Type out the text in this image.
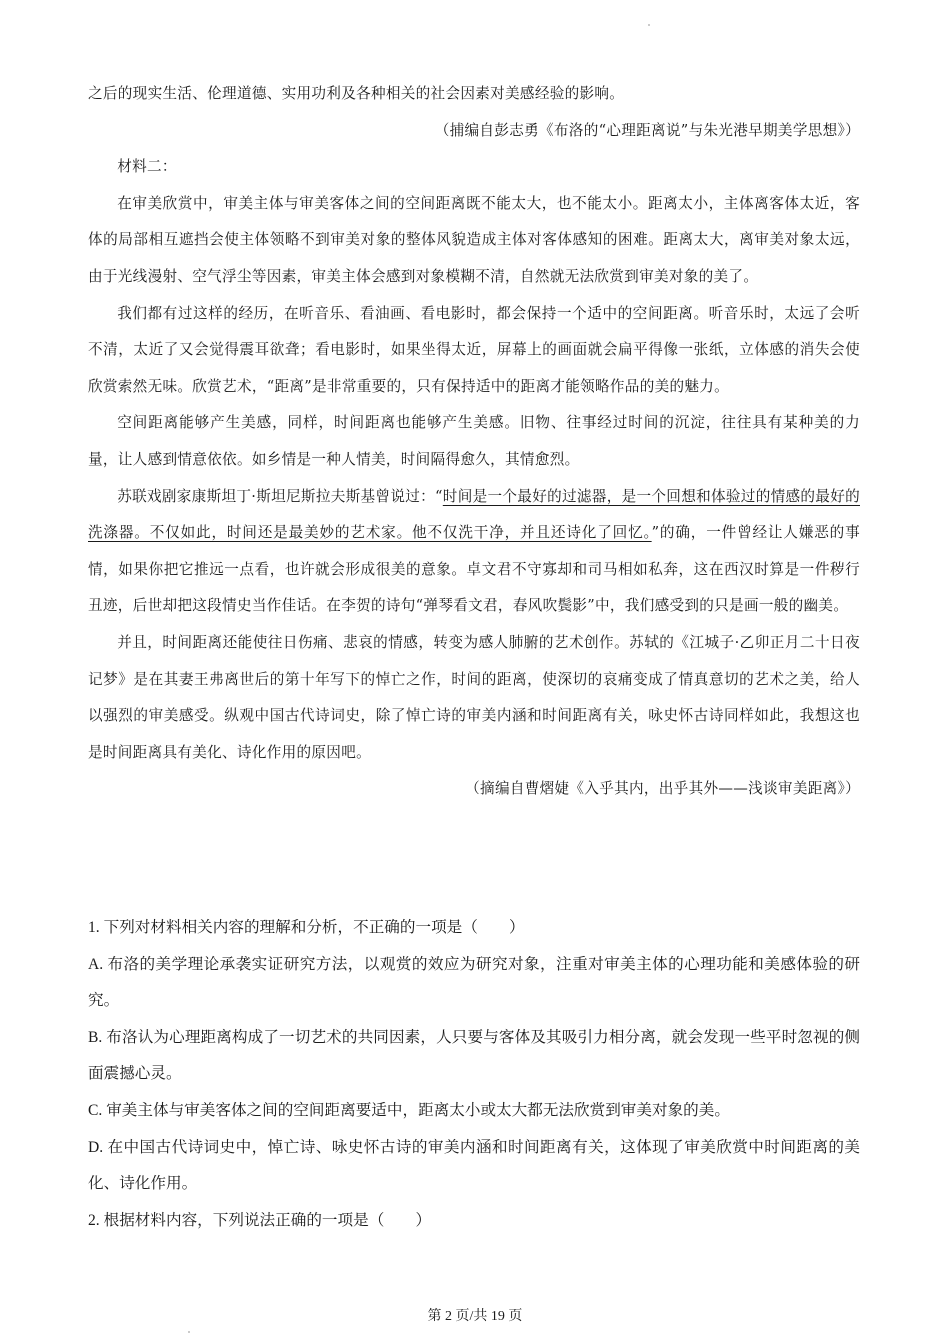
之后的现实生活、伦理道德、实用功利及各种相关的社会因素对美感经验的影响。

（捕编自彭志勇《布洛的“心理距离说”与朱光港早期美学思想》）

材料二：

在审美欣赏中，审美主体与审美客体之间的空间距离既不能太大，也不能太小。距离太小，主体离客体太近，客体的局部相互遮挡会使主体领略不到审美对象的整体风貌造成主体对客体感知的困难。距离太大，离审美对象太远，由于光线漫射、空气浮尘等因素，审美主体会感到对象模糊不清，自然就无法欣赏到审美对象的美了。

我们都有过这样的经历，在听音乐、看油画、看电影时，都会保持一个适中的空间距离。听音乐时，太远了会听不清，太近了又会觉得震耳欲聋；看电影时，如果坐得太近，屏幕上的画面就会扁平得像一张纸，立体感的消失会使欣赏索然无味。欣赏艺术，“距离”是非常重要的，只有保持适中的距离才能领略作品的美的魅力。

空间距离能够产生美感，同样，时间距离也能够产生美感。旧物、往事经过时间的沉淀，往往具有某种美的力量，让人感到情意依依。如乡情是一种人情美，时间隔得愈久，其情愈烈。

苏联戏剧家康斯坦丁·斯坦尼斯拉夫斯基曾说过：“时间是一个最好的过滤器，是一个回想和体验过的情感的最好的洗涤器。不仅如此，时间还是最美妙的艺术家。他不仅洗干净，并且还诗化了回忆。”的确，一件曾经让人嫌恶的事情，如果你把它推远一点看，也许就会形成很美的意象。卓文君不守寡却和司马相如私奔，这在西汉时算是一件秽行丑迹，后世却把这段情史当作佳话。在李贺的诗句“弹琴看文君，春风吹鬓影”中，我们感受到的只是画一般的幽美。

并且，时间距离还能使往日伤痛、悲哀的情感，转变为感人肺腑的艺术创作。苏轼的《江城子·乙卯正月二十日夜记梦》是在其妻王弗离世后的第十年写下的悼亡之作，时间的距离，使深切的哀痛变成了情真意切的艺术之美，给人以强烈的审美感受。纵观中国古代诗词史，除了悼亡诗的审美内涵和时间距离有关，咏史怀古诗同样如此，我想这也是时间距离具有美化、诗化作用的原因吧。

（摘编自曹熠婕《入乎其内，出乎其外——浅谈审美距离》）

1. 下列对材料相关内容的理解和分析，不正确的一项是（　　）

A. 布洛的美学理论承袭实证研究方法，以观赏的效应为研究对象，注重对审美主体的心理功能和美感体验的研究。

B. 布洛认为心理距离构成了一切艺术的共同因素，人只要与客体及其吸引力相分离，就会发现一些平时忽视的侧面震撼心灵。

C. 审美主体与审美客体之间的空间距离要适中，距离太小或太大都无法欣赏到审美对象的美。

D. 在中国古代诗词史中，悼亡诗、咏史怀古诗的审美内涵和时间距离有关，这体现了审美欣赏中时间距离的美化、诗化作用。

2. 根据材料内容，下列说法正确的一项是（　　）

第 2 页/共 19 页
